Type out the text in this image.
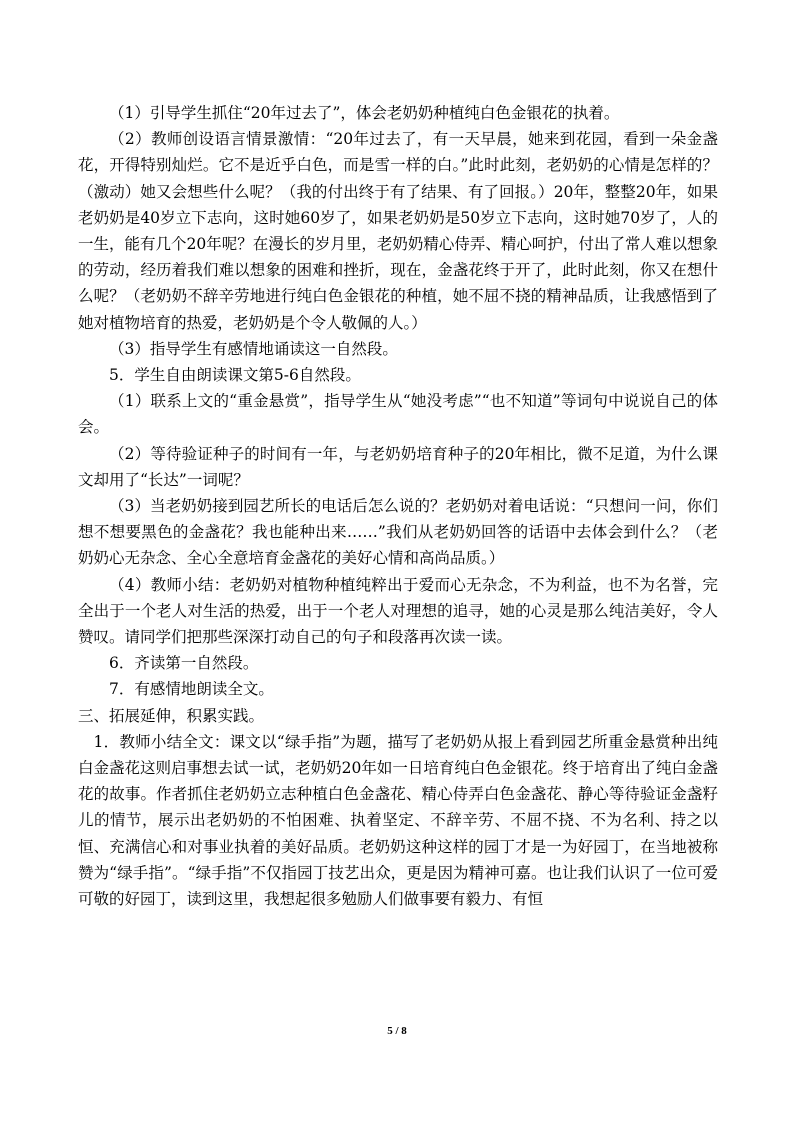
（1）引导学生抓住“20年过去了”，体会老奶奶种植纯白色金银花的执着。

（2）教师创设语言情景激情：“20年过去了，有一天早晨，她来到花园，看到一朵金盏花，开得特别灿烂。它不是近乎白色，而是雪一样的白。”此时此刻，老奶奶的心情是怎样的？（激动）她又会想些什么呢？（我的付出终于有了结果、有了回报。）20年，整整20年，如果老奶奶是40岁立下志向，这时她60岁了，如果老奶奶是50岁立下志向，这时她70岁了，人的一生，能有几个20年呢？在漫长的岁月里，老奶奶精心侍弄、精心呵护，付出了常人难以想象的劳动，经历着我们难以想象的困难和挫折，现在，金盏花终于开了，此时此刻，你又在想什么呢？（老奶奶不辞辛劳地进行纯白色金银花的种植，她不屈不挠的精神品质，让我感悟到了她对植物培育的热爱，老奶奶是个令人敬佩的人。）

（3）指导学生有感情地诵读这一自然段。

5．学生自由朗读课文第5-6自然段。

（1）联系上文的“重金悬赏”，指导学生从“她没考虑”“也不知道”等词句中说说自己的体会。

（2）等待验证种子的时间有一年，与老奶奶培育种子的20年相比，微不足道，为什么课文却用了“长达”一词呢？

（3）当老奶奶接到园艺所长的电话后怎么说的？老奶奶对着电话说：“只想问一问，你们想不想要黑色的金盏花？我也能种出来……”我们从老奶奶回答的话语中去体会到什么？（老奶奶心无杂念、全心全意培育金盏花的美好心情和高尚品质。）

（4）教师小结：老奶奶对植物种植纯粹出于爱而心无杂念，不为利益，也不为名誉，完全出于一个老人对生活的热爱，出于一个老人对理想的追寻，她的心灵是那么纯洁美好，令人赞叹。请同学们把那些深深打动自己的句子和段落再次读一读。

6．齐读第一自然段。

7．有感情地朗读全文。

三、拓展延伸，积累实践。

1．教师小结全文：课文以“绿手指”为题，描写了老奶奶从报上看到园艺所重金悬赏种出纯白金盏花这则启事想去试一试，老奶奶20年如一日培育纯白色金银花。终于培育出了纯白金盏花的故事。作者抓住老奶奶立志种植白色金盏花、精心侍弄白色金盏花、静心等待验证金盏籽儿的情节，展示出老奶奶的不怕困难、执着坚定、不辞辛劳、不屈不挠、不为名利、持之以恒、充满信心和对事业执着的美好品质。老奶奶这种这样的园丁才是一为好园丁，在当地被称赞为“绿手指”。“绿手指”不仅指园丁技艺出众，更是因为精神可嘉。也让我们认识了一位可爱可敬的好园丁，读到这里，我想起很多勉励人们做事要有毅力、有恒

5 / 8
